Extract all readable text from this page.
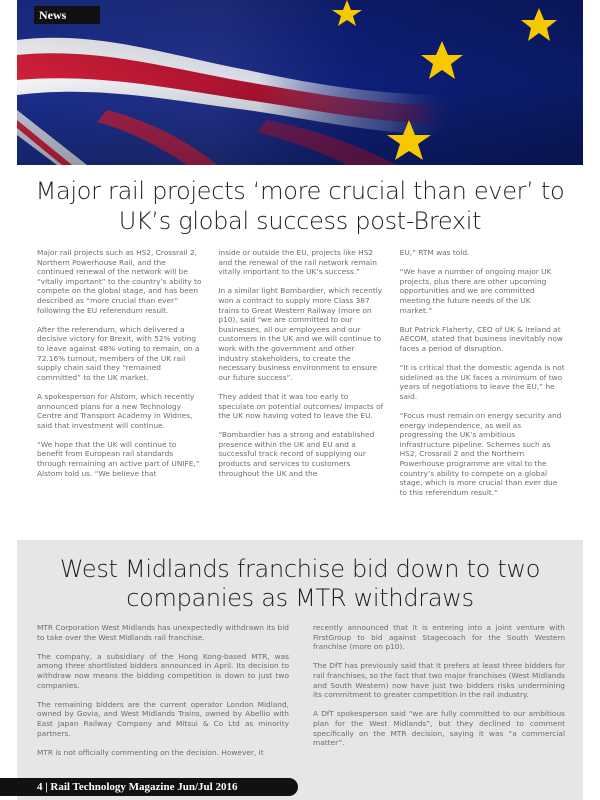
News
Major rail projects ‘more crucial than ever’ to UK’s global success post-Brexit

Major rail projects such as HS2, Crossrail 2, Northern Powerhouse Rail, and the continued renewal of the network will be “vitally important” to the country’s ability to compete on the global stage, and has been described as “more crucial than ever” following the EU referendum result.

After the referendum, which delivered a decisive victory for Brexit, with 52% voting to leave against 48% voting to remain, on a 72.16% turnout, members of the UK rail supply chain said they “remained committed” to the UK market.

A spokesperson for Alstom, which recently announced plans for a new Technology Centre and Transport Academy in Widnes, said that investment will continue.

“We hope that the UK will continue to benefit from European rail standards through remaining an active part of UNIFE,” Alstom told us. “We believe that

inside or outside the EU, projects like HS2 and the renewal of the rail network remain vitally important to the UK’s success.”

In a similar light Bombardier, which recently won a contract to supply more Class 387 trains to Great Western Railway (more on p10), said “we are committed to our businesses, all our employees and our customers in the UK and we will continue to work with the government and other industry stakeholders, to create the necessary business environment to ensure our future success”.

They added that it was too early to speculate on potential outcomes/ impacts of the UK now having voted to leave the EU.

“Bombardier has a strong and established presence within the UK and EU and a successful track record of supplying our products and services to customers throughout the UK and the

EU,” RTM was told.

“We have a number of ongoing major UK projects, plus there are other upcoming opportunities and we are committed meeting the future needs of the UK market.”

But Patrick Flaherty, CEO of UK & Ireland at AECOM, stated that business inevitably now faces a period of disruption.

“It is critical that the domestic agenda is not sidelined as the UK faces a minimum of two years of negotiations to leave the EU,” he said.

“Focus must remain on energy security and energy independence, as well as progressing the UK’s ambitious infrastructure pipeline. Schemes such as HS2, Crossrail 2 and the Northern Powerhouse programme are vital to the country’s ability to compete on a global stage, which is more crucial than ever due to this referendum result.”

West Midlands franchise bid down to two companies as MTR withdraws

MTR Corporation West Midlands has unexpectedly withdrawn its bid to take over the West Midlands rail franchise.

The company, a subsidiary of the Hong Kong-based MTR, was among three shortlisted bidders announced in April. Its decision to withdraw now means the bidding competition is down to just two companies.

The remaining bidders are the current operator London Midland, owned by Govia, and West Midlands Trains, owned by Abellio with East Japan Railway Company and Mitsui & Co Ltd as minority partners.

MTR is not officially commenting on the decision. However, it

recently announced that it is entering into a joint venture with FirstGroup to bid against Stagecoach for the South Western franchise (more on p10).

The DfT has previously said that it prefers at least three bidders for rail franchises, so the fact that two major franchises (West Midlands and South Western) now have just two bidders risks undermining its commitment to greater competition in the rail industry.

A DfT spokesperson said “we are fully committed to our ambitious plan for the West Midlands”, but they declined to comment specifically on the MTR decision, saying it was “a commercial matter”.

4 | Rail Technology Magazine Jun/Jul 2016
